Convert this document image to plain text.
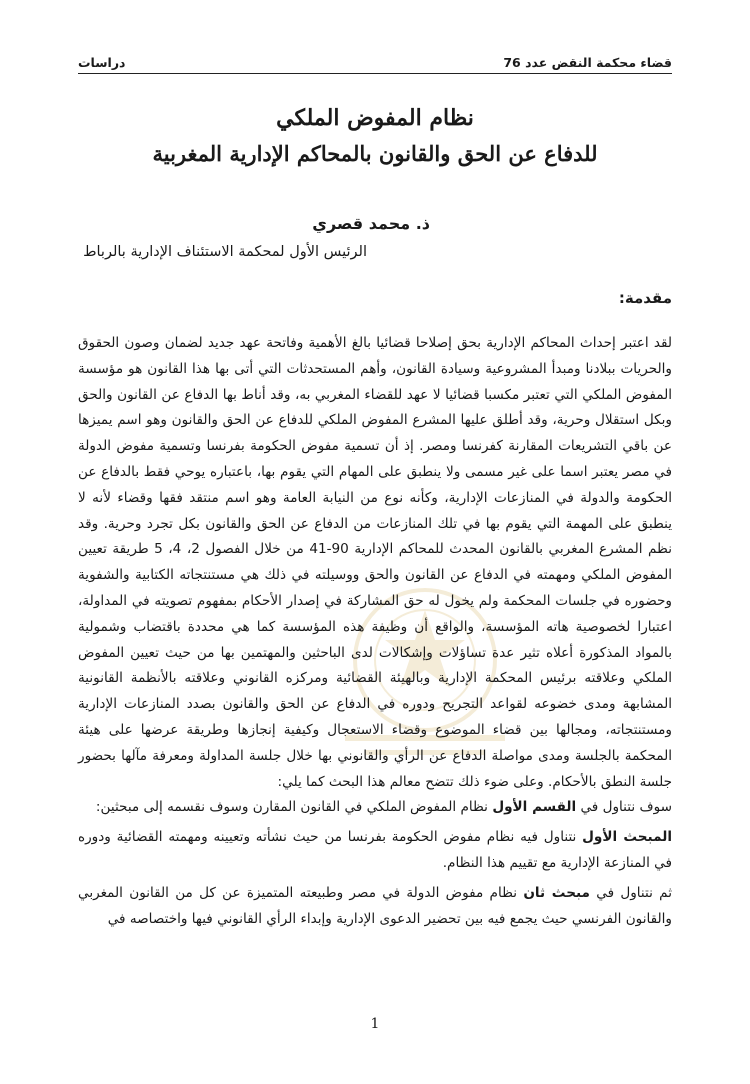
دراسات	قضاء محكمة النقض عدد 76
نظام المفوض الملكي
للدفاع عن الحق والقانون بالمحاكم الإدارية المغربية
ذ. محمد قصري
الرئيس الأول لمحكمة الاستئناف الإدارية بالرباط
مقدمة:

لقد اعتبر إحداث المحاكم الإدارية بحق إصلاحا قضائيا بالغ الأهمية وفاتحة عهد جديد لضمان وصون الحقوق والحريات ببلادنا ومبدأ المشروعية وسيادة القانون، وأهم المستحدثات التي أتى بها هذا القانون هو مؤسسة المفوض الملكي التي تعتبر مكسبا قضائيا لا عهد للقضاء المغربي به، وقد أناط بها الدفاع عن القانون والحق وبكل استقلال وحرية، وقد أطلق عليها المشرع المفوض الملكي للدفاع عن الحق والقانون وهو اسم يميزها عن باقي التشريعات المقارنة كفرنسا ومصر. إذ أن تسمية مفوض الحكومة بفرنسا وتسمية مفوض الدولة في مصر يعتبر اسما على غير مسمى ولا ينطبق على المهام التي يقوم بها، باعتباره يوحي فقط بالدفاع عن الحكومة والدولة في المنازعات الإدارية، وكأنه نوع من النيابة العامة وهو اسم منتقد فقها وقضاء لأنه لا ينطبق على المهمة التي يقوم بها في تلك المنازعات من الدفاع عن الحق والقانون بكل تجرد وحرية. وقد نظم المشرع المغربي بالقانون المحدث للمحاكم الإدارية 90-41 من خلال الفصول 2، 4، 5 طريقة تعيين المفوض الملكي ومهمته في الدفاع عن القانون والحق ووسيلته في ذلك هي مستنتجاته الكتابية والشفوية وحضوره في جلسات المحكمة ولم يخول له حق المشاركة في إصدار الأحكام بمفهوم تصويته في المداولة، اعتبارا لخصوصية هاته المؤسسة، والواقع أن وظيفة هذه المؤسسة كما هي محددة باقتضاب وشمولية بالمواد المذكورة أعلاه تثير عدة تساؤلات وإشكالات لدى الباحثين والمهتمين بها من حيث تعيين المفوض الملكي وعلاقته برئيس المحكمة الإدارية وبالهيئة القضائية ومركزه القانوني وعلاقته بالأنظمة القانونية المشابهة ومدى خضوعه لقواعد التجريح ودوره في الدفاع عن الحق والقانون بصدد المنازعات الإدارية ومستنتجاته، ومجالها بين قضاء الموضوع وقضاء الاستعجال وكيفية إنجازها وطريقة عرضها على هيئة المحكمة بالجلسة ومدى مواصلة الدفاع عن الرأي والقانوني بها خلال جلسة المداولة ومعرفة مآلها بحضور جلسة النطق بالأحكام. وعلى ضوء ذلك تتضح معالم هذا البحث كما يلي:

سوف نتناول في القسم الأول نظام المفوض الملكي في القانون المقارن وسوف نقسمه إلى مبحثين:

المبحث الأول نتناول فيه نظام مفوض الحكومة بفرنسا من حيث نشأته وتعيينه ومهمته القضائية ودوره في المنازعة الإدارية مع تقييم هذا النظام.

ثم نتناول في مبحث ثان نظام مفوض الدولة في مصر وطبيعته المتميزة عن كل من القانون المغربي والقانون الفرنسي حيث يجمع فيه بين تحضير الدعوى الإدارية وإبداء الرأي القانوني فيها واختصاصه في

1
